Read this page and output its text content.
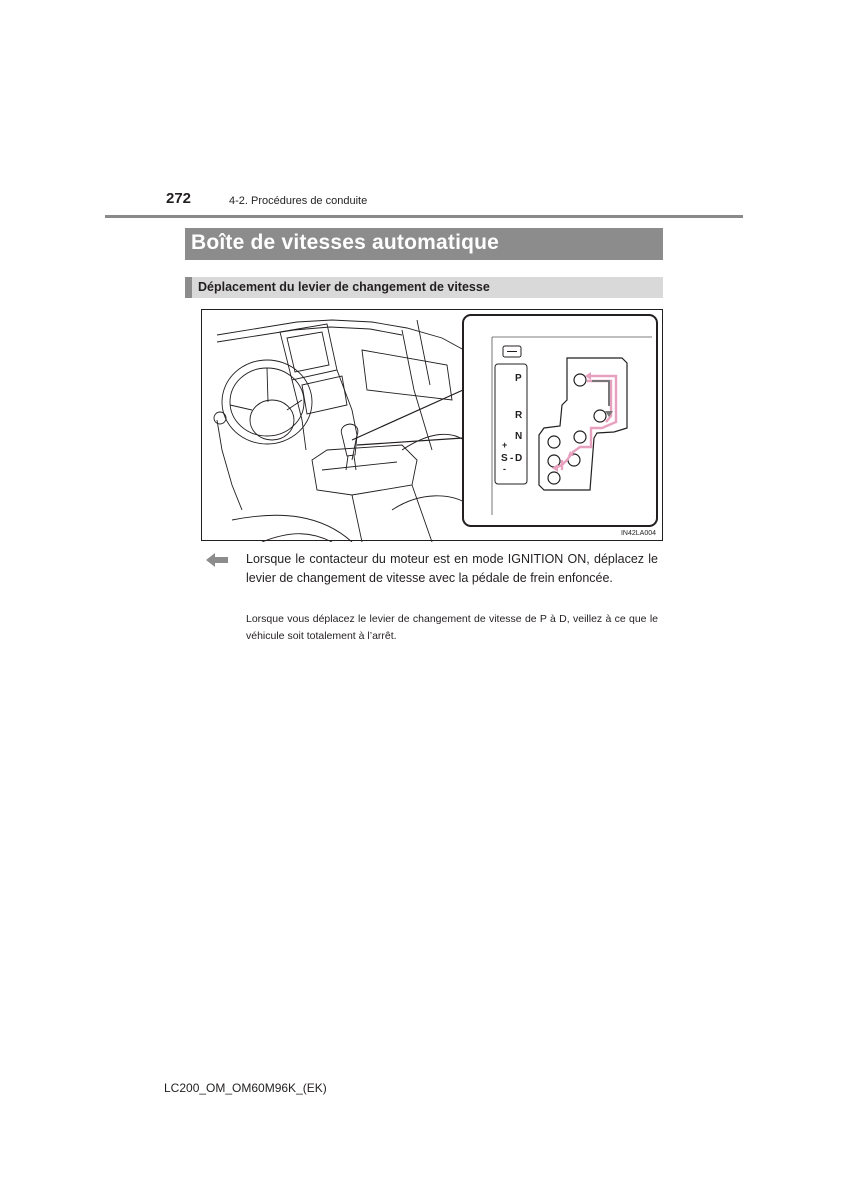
272	4-2. Procédures de conduite
Boîte de vitesses automatique
Déplacement du levier de changement de vitesse
P
R
N
D
S
+
-
-
IN42LA004
Lorsque le contacteur du moteur est en mode IGNITION ON, déplacez le levier de changement de vitesse avec la pédale de frein enfoncée.
Lorsque vous déplacez le levier de changement de vitesse de P à D, veillez à ce que le véhicule soit totalement à l’arrêt.
LC200_OM_OM60M96K_(EK)
